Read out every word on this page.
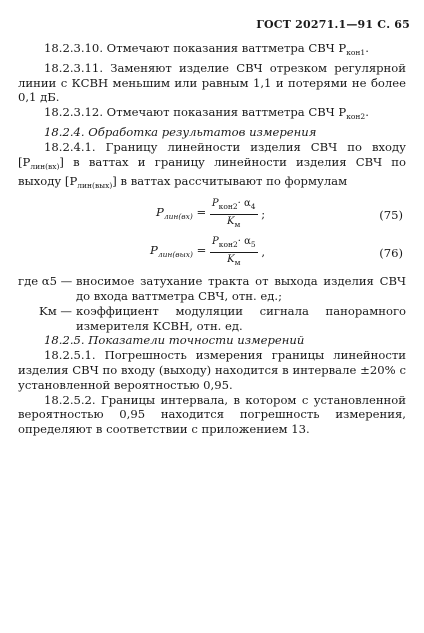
ГОСТ 20271.1—91 С. 65

18.2.3.10. Отмечают показания ваттметра СВЧ $P_{кон1}$.

18.2.3.11. Заменяют изделие СВЧ отрезком регулярной линии с КСВН меньшим или равным 1,1 и потерями не более 0,1 дБ.

18.2.3.12. Отмечают показания ваттметра СВЧ $P_{кон2}$.

18.2.4. Обработка результатов измерения

18.2.4.1. Границу линейности изделия СВЧ по входу $[P_{лин(вх)}]$ в ваттах и границу линейности изделия СВЧ по выходу $[P_{лин(вых)}]$ в ваттах рассчитывают по формулам

$P_{лин(вх)} = \frac{P_{кон2}\cdot \alpha_4}{K_м}$ ;	(75)
$P_{лин(вых)} = \frac{P_{кон2}\cdot \alpha_5}{K_м}$ ,	(76)
где α5 — вносимое затухание тракта от выхода изделия СВЧ до входа ваттметра СВЧ, отн. ед.;
Kм — коэффициент модуляции сигнала панорамного измерителя КСВН, отн. ед.

18.2.5. Показатели точности измерений

18.2.5.1. Погрешность измерения границы линейности изделия СВЧ по входу (выходу) находится в интервале ±20% с установленной вероятностью 0,95.

18.2.5.2. Границы интервала, в котором с установленной вероятностью 0,95 находится погрешность измерения, определяют в соответствии с приложением 13.
